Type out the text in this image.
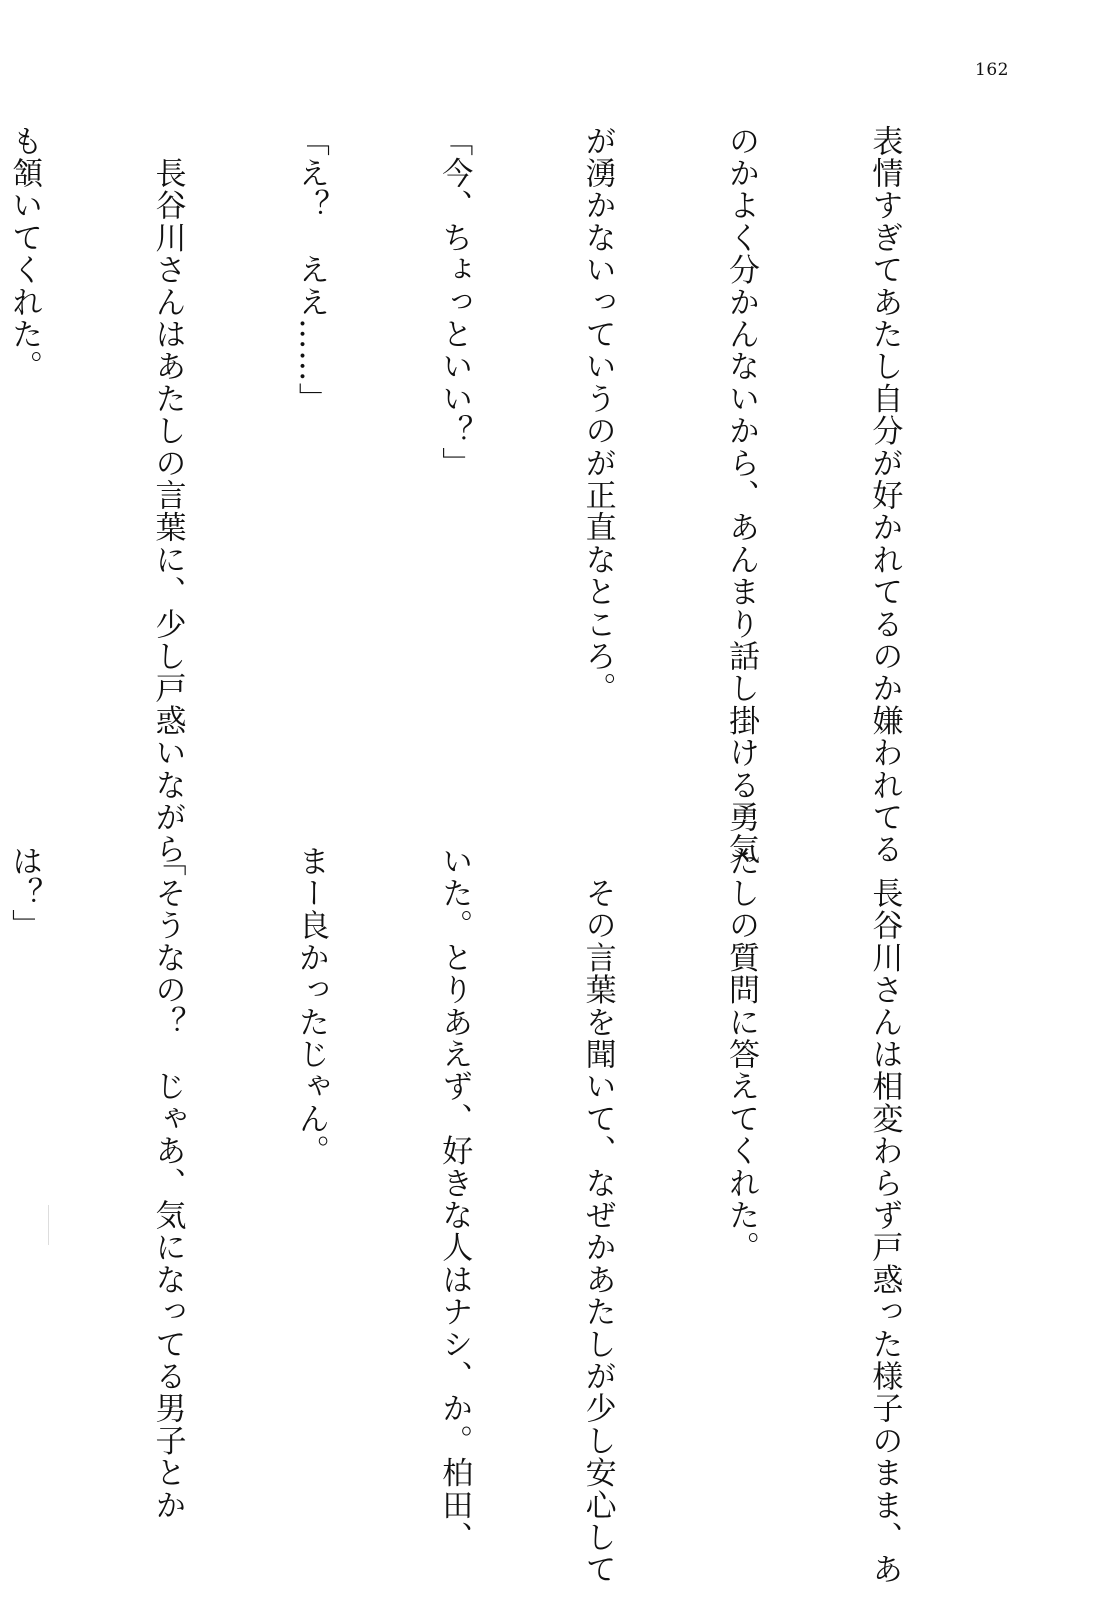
162

表情すぎてあたし自分が好かれてるのか嫌われてる

のかよく分かんないから、あんまり話し掛ける勇気

が湧かないっていうのが正直なところ。

「今、ちょっといい？」

「え？　ええ……」

　長谷川さんはあたしの言葉に、少し戸惑いながら

も頷いてくれた。

　長谷川さんは相変わらず戸惑った様子のまま、あ

たしの質問に答えてくれた。

　その言葉を聞いて、なぜかあたしが少し安心して

いた。とりあえず、好きな人はナシ、か。柏田、

まー良かったじゃん。

「そうなの？　じゃあ、気になってる男子とか

は？」
